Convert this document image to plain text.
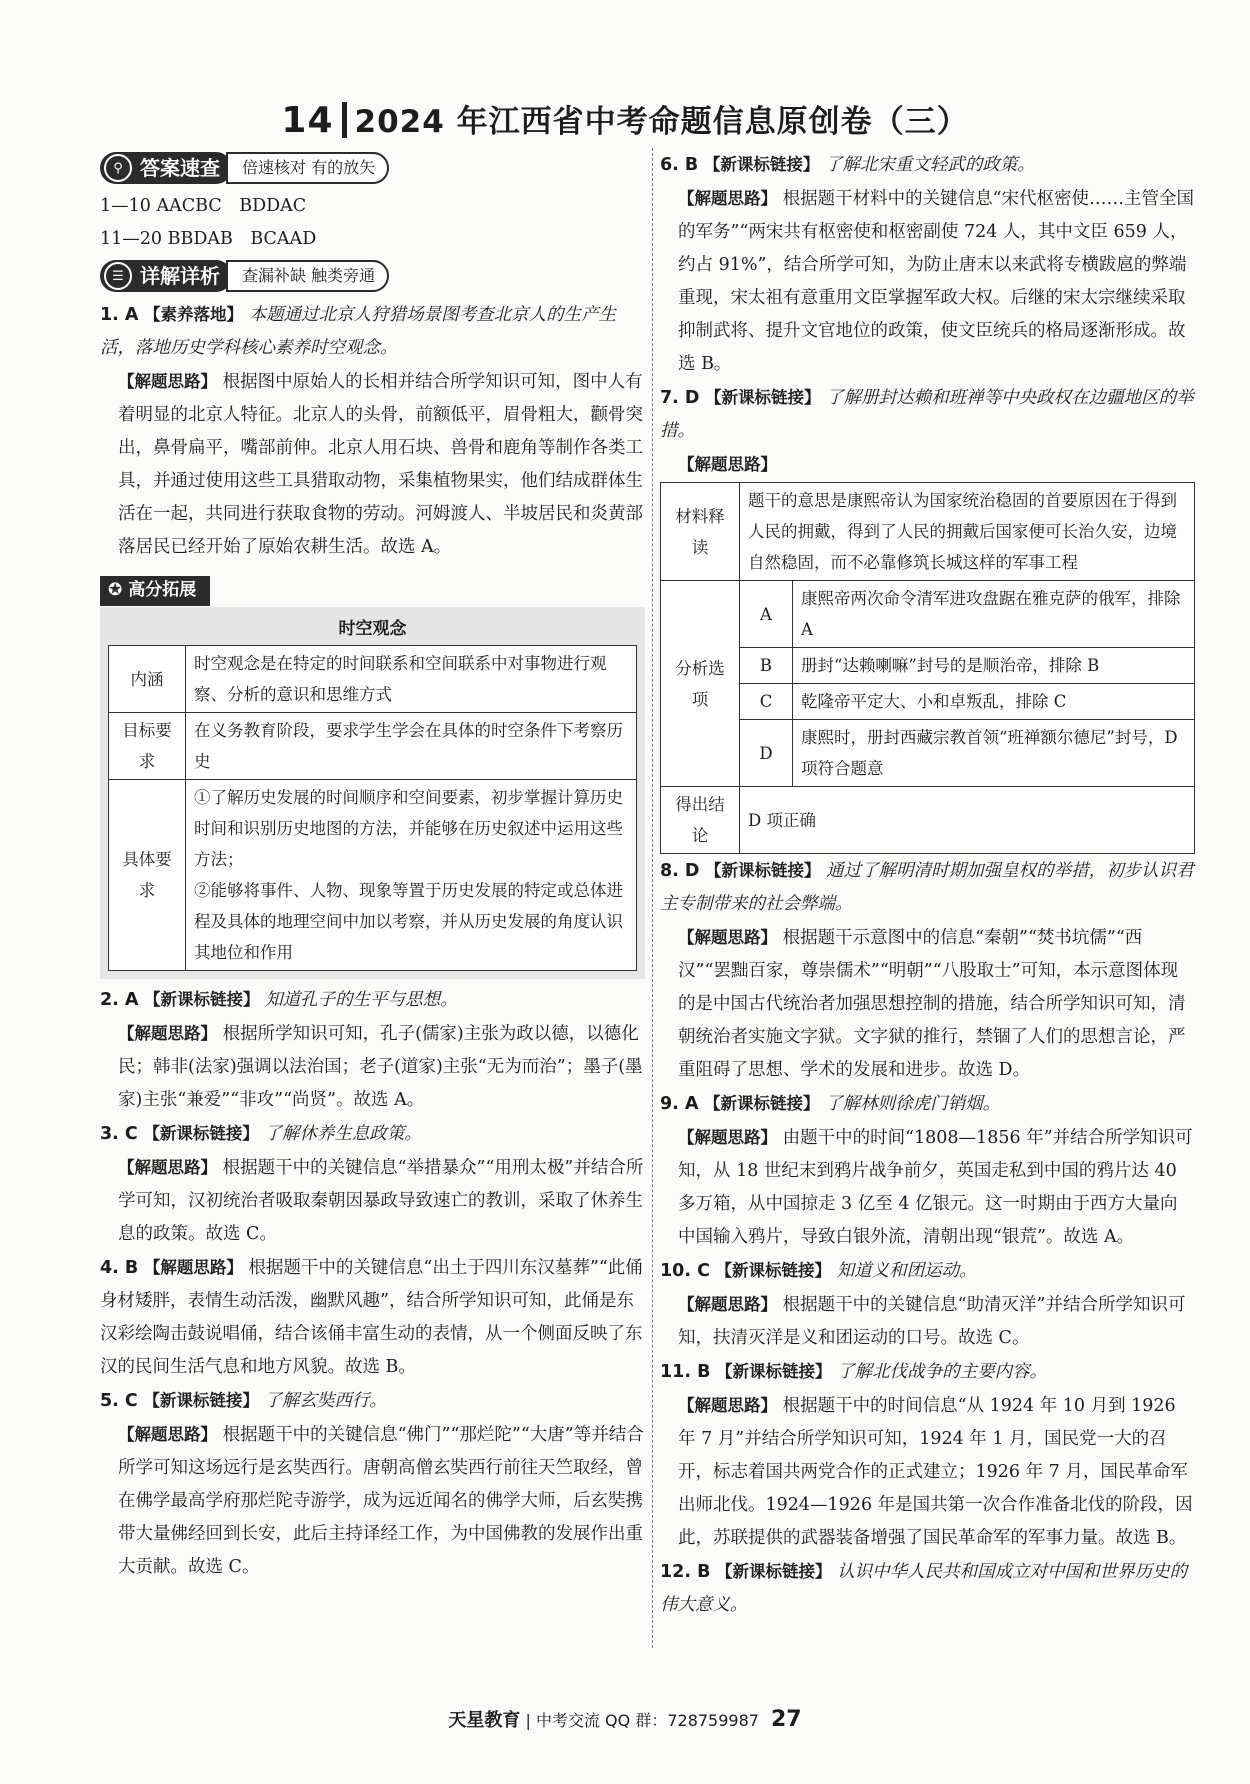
14 2024 年江西省中考命题信息原创卷（三）
⚲ 答案速查	倍速核对 有的放矢

1—10 AACBC　BDDAC

11—20 BBDAB　BCAAD

☰ 详解详析	查漏补缺 触类旁通

1. A 【素养落地】 本题通过北京人狩猎场景图考查北京人的生产生活，落地历史学科核心素养时空观念。

【解题思路】 根据图中原始人的长相并结合所学知识可知，图中人有着明显的北京人特征。北京人的头骨，前额低平，眉骨粗大，颧骨突出，鼻骨扁平，嘴部前伸。北京人用石块、兽骨和鹿角等制作各类工具，并通过使用这些工具猎取动物，采集植物果实，他们结成群体生活在一起，共同进行获取食物的劳动。河姆渡人、半坡居民和炎黄部落居民已经开始了原始农耕生活。故选 A。

✪ 高分拓展
时空观念
内涵	时空观念是在特定的时间联系和空间联系中对事物进行观察、分析的意识和思维方式
目标要求	在义务教育阶段，要求学生学会在具体的时空条件下考察历史
具体要求	①了解历史发展的时间顺序和空间要素，初步掌握计算历史时间和识别历史地图的方法，并能够在历史叙述中运用这些方法；
②能够将事件、人物、现象等置于历史发展的特定或总体进程及具体的地理空间中加以考察，并从历史发展的角度认识其地位和作用

2. A 【新课标链接】 知道孔子的生平与思想。

【解题思路】 根据所学知识可知，孔子(儒家)主张为政以德，以德化民；韩非(法家)强调以法治国；老子(道家)主张“无为而治”；墨子(墨家)主张“兼爱”“非攻”“尚贤”。故选 A。

3. C 【新课标链接】 了解休养生息政策。

【解题思路】 根据题干中的关键信息“举措暴众”“用刑太极”并结合所学可知，汉初统治者吸取秦朝因暴政导致速亡的教训，采取了休养生息的政策。故选 C。

4. B 【解题思路】 根据题干中的关键信息“出土于四川东汉墓葬”“此俑身材矮胖，表情生动活泼，幽默风趣”，结合所学知识可知，此俑是东汉彩绘陶击鼓说唱俑，结合该俑丰富生动的表情，从一个侧面反映了东汉的民间生活气息和地方风貌。故选 B。

5. C 【新课标链接】 了解玄奘西行。

【解题思路】 根据题干中的关键信息“佛门”“那烂陀”“大唐”等并结合所学可知这场远行是玄奘西行。唐朝高僧玄奘西行前往天竺取经，曾在佛学最高学府那烂陀寺游学，成为远近闻名的佛学大师，后玄奘携带大量佛经回到长安，此后主持译经工作，为中国佛教的发展作出重大贡献。故选 C。

6. B 【新课标链接】 了解北宋重文轻武的政策。

【解题思路】 根据题干材料中的关键信息“宋代枢密使……主管全国的军务”“两宋共有枢密使和枢密副使 724 人，其中文臣 659 人，约占 91%”，结合所学可知，为防止唐末以来武将专横跋扈的弊端重现，宋太祖有意重用文臣掌握军政大权。后继的宋太宗继续采取抑制武将、提升文官地位的政策，使文臣统兵的格局逐渐形成。故选 B。

7. D 【新课标链接】 了解册封达赖和班禅等中央政权在边疆地区的举措。

【解题思路】

材料释读	题干的意思是康熙帝认为国家统治稳固的首要原因在于得到人民的拥戴，得到了人民的拥戴后国家便可长治久安，边境自然稳固，而不必靠修筑长城这样的军事工程	
分析选项	A	康熙帝两次命令清军进攻盘踞在雅克萨的俄军，排除 A
	B	册封“达赖喇嘛”封号的是顺治帝，排除 B
	C	乾隆帝平定大、小和卓叛乱，排除 C
	D	康熙时，册封西藏宗教首领“班禅额尔德尼”封号，D 项符合题意
得出结论	D 项正确	

8. D 【新课标链接】 通过了解明清时期加强皇权的举措，初步认识君主专制带来的社会弊端。

【解题思路】 根据题干示意图中的信息“秦朝”“焚书坑儒”“西汉”“罢黜百家，尊崇儒术”“明朝”“八股取士”可知，本示意图体现的是中国古代统治者加强思想控制的措施，结合所学知识可知，清朝统治者实施文字狱。文字狱的推行，禁锢了人们的思想言论，严重阻碍了思想、学术的发展和进步。故选 D。

9. A 【新课标链接】 了解林则徐虎门销烟。

【解题思路】 由题干中的时间“1808—1856 年”并结合所学知识可知，从 18 世纪末到鸦片战争前夕，英国走私到中国的鸦片达 40 多万箱，从中国掠走 3 亿至 4 亿银元。这一时期由于西方大量向中国输入鸦片，导致白银外流，清朝出现“银荒”。故选 A。

10. C 【新课标链接】 知道义和团运动。

【解题思路】 根据题干中的关键信息“助清灭洋”并结合所学知识可知，扶清灭洋是义和团运动的口号。故选 C。

11. B 【新课标链接】 了解北伐战争的主要内容。

【解题思路】 根据题干中的时间信息“从 1924 年 10 月到 1926 年 7 月”并结合所学知识可知，1924 年 1 月，国民党一大的召开，标志着国共两党合作的正式建立；1926 年 7 月，国民革命军出师北伐。1924—1926 年是国共第一次合作准备北伐的阶段，因此，苏联提供的武器装备增强了国民革命军的军事力量。故选 B。

12. B 【新课标链接】 认识中华人民共和国成立对中国和世界历史的伟大意义。

天星教育 | 中考交流 QQ 群：728759987 27
